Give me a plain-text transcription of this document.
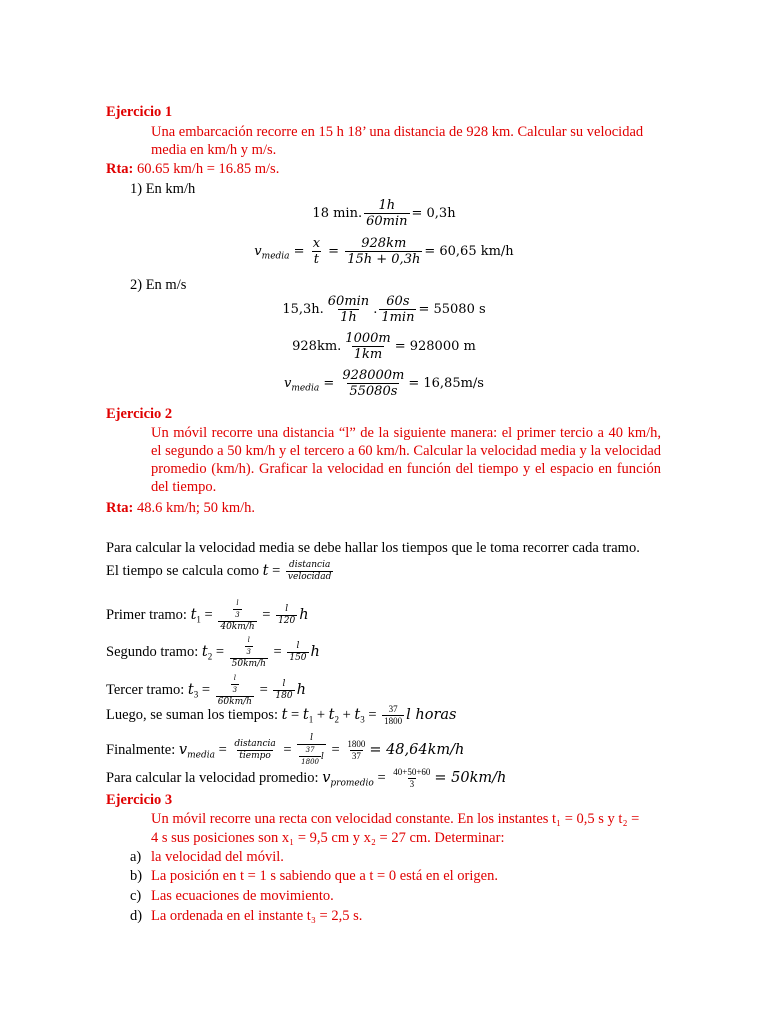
Ejercicio 1
Una embarcación recorre en 15 h 18’ una distancia de 928 km. Calcular su velocidad
media en km/h y m/s.
Rta: 60.65 km/h = 16.85 m/s.
1) En km/h
18 min. $\frac{1h}{60\min} = 0,3h$
$v_{media} = \frac{x}{t} = \frac{928km}{15h + 0,3h} = 60,65$ km/h
2) En m/s
15,3h. $\frac{60\min}{1h}$ . $\frac{60s}{1\min} = 55080$ s
928km. $\frac{1000m}{1km} = 928000$ m
$v_{media} = \frac{928000m}{55080s} = 16,85m/s$
Ejercicio 2
Un móvil recorre una distancia “l” de la siguiente manera: el primer tercio a 40 km/h, el segundo a 50 km/h y el tercero a 60 km/h. Calcular la velocidad media y la velocidad promedio (km/h). Graficar la velocidad en función del tiempo y el espacio en función del tiempo.
Rta: 48.6 km/h; 50 km/h.
Para calcular la velocidad media se debe hallar los tiempos que le toma recorrer cada tramo.
El tiempo se calcula como $t = \frac{\text{distancia}}{\text{velocidad}}$
Primer tramo: $t_1 = \frac{\frac{l}{3}}{40km/h} = \frac{l}{120}$ h
Segundo tramo: $t_2 = \frac{\frac{l}{3}}{50km/h} = \frac{l}{150}$ h
Tercer tramo: $t_3 = \frac{\frac{l}{3}}{60km/h} = \frac{l}{180}$ h
Luego, se suman los tiempos: $t = t_1 + t_2 + t_3 = \frac{37}{1800}$ l horas
Finalmente: $v_{media} = \frac{\text{distancia}}{\text{tiempo}} = \frac{l}{\frac{37}{1800} l} = \frac{1800}{37} = 48,64km/h$
Para calcular la velocidad promedio: $v_{promedio} = \frac{40+50+60}{3} = 50km/h$
Ejercicio 3
Un móvil recorre una recta con velocidad constante. En los instantes t₁ = 0,5 s y t₂ =
4 s sus posiciones son x₁ = 9,5 cm y x₂ = 27 cm. Determinar:
a) la velocidad del móvil.
b) La posición en t = 1 s sabiendo que a t = 0 está en el origen.
c) Las ecuaciones de movimiento.
d) La ordenada en el instante t₃ = 2,5 s.
